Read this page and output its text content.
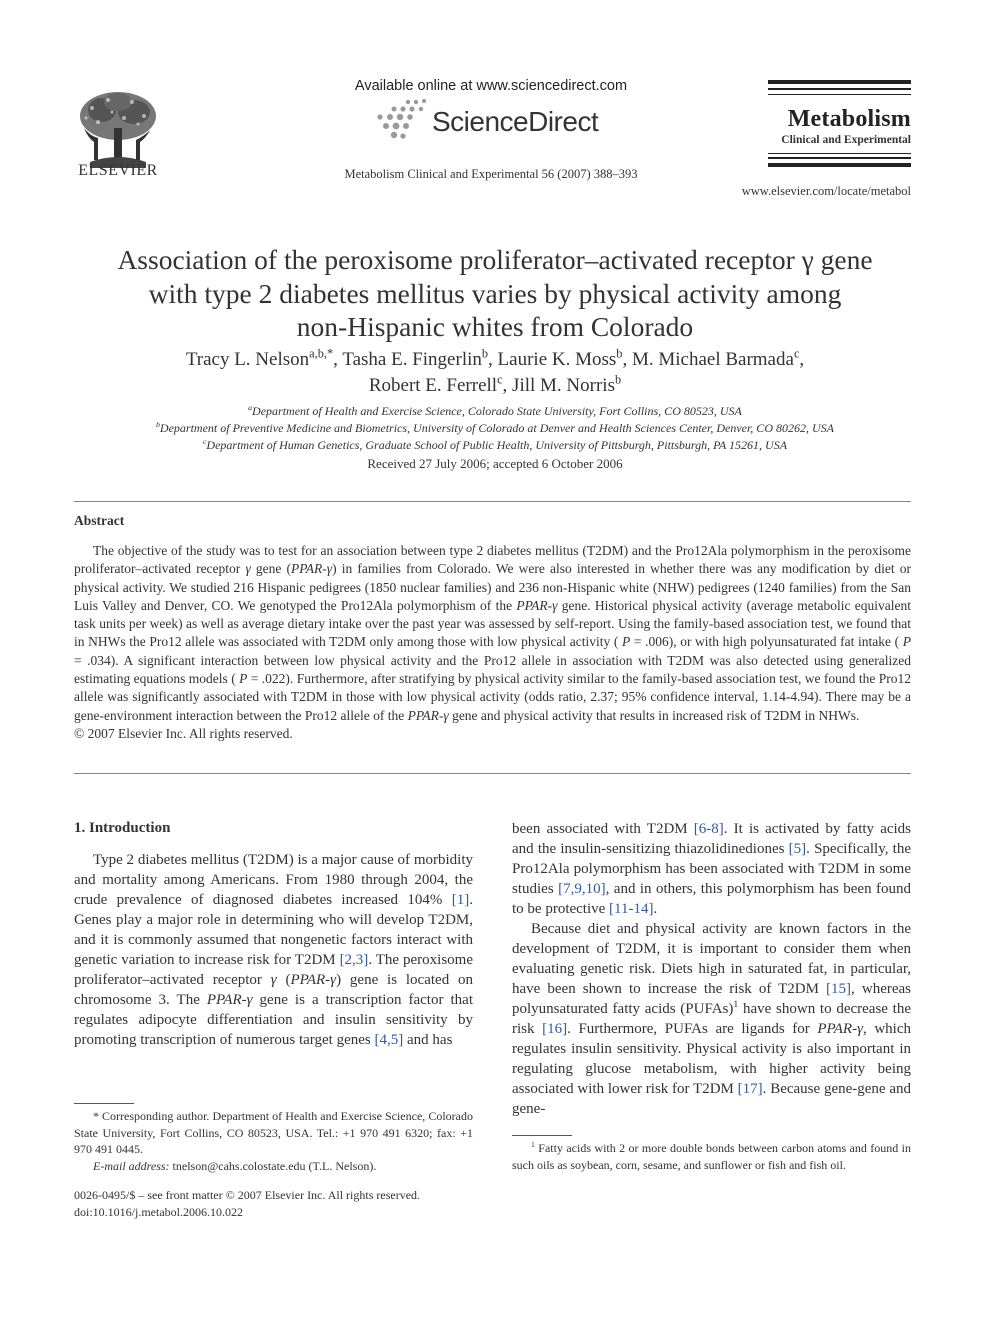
ELSEVIER
Available online at www.sciencedirect.com
ScienceDirect
Metabolism Clinical and Experimental 56 (2007) 388–393
Metabolism
Clinical and Experimental
www.elsevier.com/locate/metabol
Association of the peroxisome proliferator–activated receptor γ gene
with type 2 diabetes mellitus varies by physical activity among
non-Hispanic whites from Colorado
Tracy L. Nelson$^{a,b,*}$, Tasha E. Fingerlin$^b$, Laurie K. Moss$^b$, M. Michael Barmada$^c$,
Robert E. Ferrell$^c$, Jill M. Norris$^b$
$^a$Department of Health and Exercise Science, Colorado State University, Fort Collins, CO 80523, USA
$^b$Department of Preventive Medicine and Biometrics, University of Colorado at Denver and Health Sciences Center, Denver, CO 80262, USA
$^c$Department of Human Genetics, Graduate School of Public Health, University of Pittsburgh, Pittsburgh, PA 15261, USA
Received 27 July 2006; accepted 6 October 2006
Abstract
The objective of the study was to test for an association between type 2 diabetes mellitus (T2DM) and the Pro12Ala polymorphism in the peroxisome proliferator–activated receptor γ gene (PPAR-γ) in families from Colorado. We were also interested in whether there was any modification by diet or physical activity. We studied 216 Hispanic pedigrees (1850 nuclear families) and 236 non-Hispanic white (NHW) pedigrees (1240 families) from the San Luis Valley and Denver, CO. We genotyped the Pro12Ala polymorphism of the PPAR-γ gene. Historical physical activity (average metabolic equivalent task units per week) as well as average dietary intake over the past year was assessed by self-report. Using the family-based association test, we found that in NHWs the Pro12 allele was associated with T2DM only among those with low physical activity ( P = .006), or with high polyunsaturated fat intake ( P = .034). A significant interaction between low physical activity and the Pro12 allele in association with T2DM was also detected using generalized estimating equations models ( P = .022). Furthermore, after stratifying by physical activity similar to the family-based association test, we found the Pro12 allele was significantly associated with T2DM in those with low physical activity (odds ratio, 2.37; 95% confidence interval, 1.14-4.94). There may be a gene-environment interaction between the Pro12 allele of the PPAR-γ gene and physical activity that results in increased risk of T2DM in NHWs.
© 2007 Elsevier Inc. All rights reserved.
1. Introduction
Type 2 diabetes mellitus (T2DM) is a major cause of morbidity and mortality among Americans. From 1980 through 2004, the crude prevalence of diagnosed diabetes increased 104% [1]. Genes play a major role in determining who will develop T2DM, and it is commonly assumed that nongenetic factors interact with genetic variation to increase risk for T2DM [2,3]. The peroxisome proliferator–activated receptor γ (PPAR-γ) gene is located on chromosome 3. The PPAR-γ gene is a transcription factor that regulates adipocyte differentiation and insulin sensitivity by promoting transcription of numerous target genes [4,5] and has
been associated with T2DM [6-8]. It is activated by fatty acids and the insulin-sensitizing thiazolidinediones [5]. Specifically, the Pro12Ala polymorphism has been associated with T2DM in some studies [7,9,10], and in others, this polymorphism has been found to be protective [11-14].
Because diet and physical activity are known factors in the development of T2DM, it is important to consider them when evaluating genetic risk. Diets high in saturated fat, in particular, have been shown to increase the risk of T2DM [15], whereas polyunsaturated fatty acids (PUFAs)$^1$ have shown to decrease the risk [16]. Furthermore, PUFAs are ligands for PPAR-γ, which regulates insulin sensitivity. Physical activity is also important in regulating glucose metabolism, with higher activity being associated with lower risk for T2DM [17]. Because gene-gene and gene-
* Corresponding author. Department of Health and Exercise Science, Colorado State University, Fort Collins, CO 80523, USA. Tel.: +1 970 491 6320; fax: +1 970 491 0445.
E-mail address: tnelson@cahs.colostate.edu (T.L. Nelson).
0026-0495/$ – see front matter © 2007 Elsevier Inc. All rights reserved.
doi:10.1016/j.metabol.2006.10.022
$^1$ Fatty acids with 2 or more double bonds between carbon atoms and found in such oils as soybean, corn, sesame, and sunflower or fish and fish oil.
